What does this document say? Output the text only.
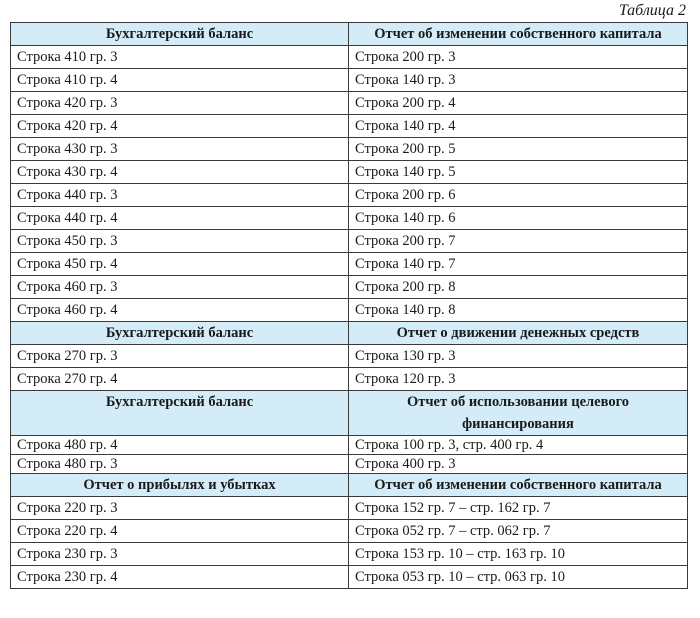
Таблица 2
Бухгалтерский баланс	Отчет об изменении собственного капитала
Строка 410 гр. 3	Строка 200 гр. 3
Строка 410 гр. 4	Строка 140 гр. 3
Строка 420 гр. 3	Строка 200 гр. 4
Строка 420 гр. 4	Строка 140 гр. 4
Строка 430 гр. 3	Строка 200 гр. 5
Строка 430 гр. 4	Строка 140 гр. 5
Строка 440 гр. 3	Строка 200 гр. 6
Строка 440 гр. 4	Строка 140 гр. 6
Строка 450 гр. 3	Строка 200 гр. 7
Строка 450 гр. 4	Строка 140 гр. 7
Строка 460 гр. 3	Строка 200 гр. 8
Строка 460 гр. 4	Строка 140 гр. 8
Бухгалтерский баланс	Отчет о движении денежных средств
Строка 270 гр. 3	Строка 130 гр. 3
Строка 270 гр. 4	Строка 120 гр. 3
Бухгалтерский баланс	Отчет об использовании целевого финансирования
Строка 480 гр. 4	Строка 100 гр. 3, стр. 400 гр. 4
Строка 480 гр. 3	Строка 400 гр. 3
Отчет о прибылях и убытках	Отчет об изменении собственного капитала
Строка 220 гр. 3	Строка 152 гр. 7 – стр. 162 гр. 7
Строка 220 гр. 4	Строка 052 гр. 7 – стр. 062 гр. 7
Строка 230 гр. 3	Строка 153 гр. 10 – стр. 163 гр. 10
Строка 230 гр. 4	Строка 053 гр. 10 – стр. 063 гр. 10
